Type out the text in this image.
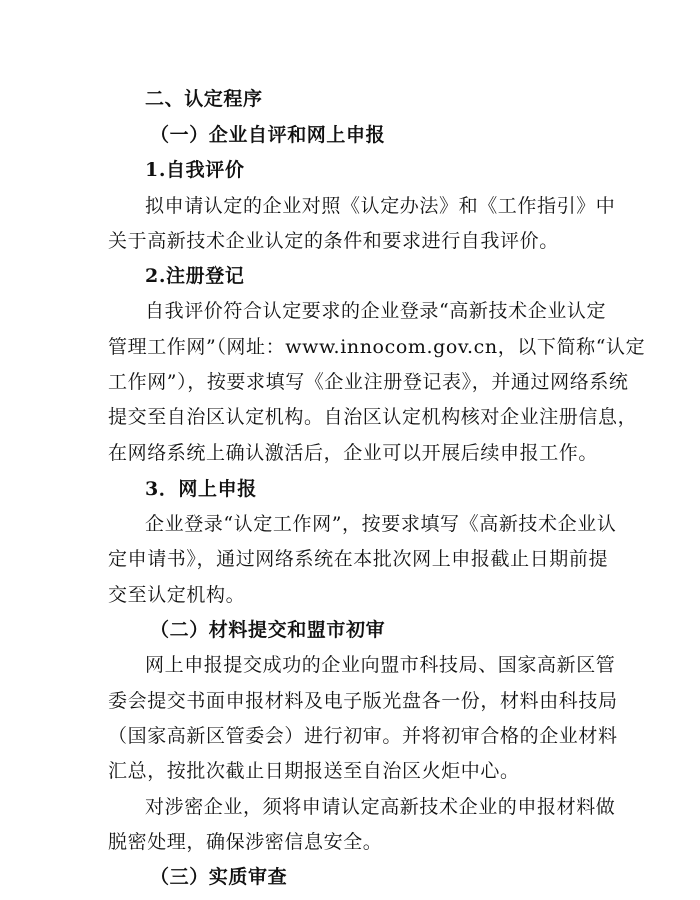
二、认定程序
（一）企业自评和网上申报
1.自我评价
拟申请认定的企业对照《认定办法》和《工作指引》中
关于高新技术企业认定的条件和要求进行自我评价。
2.注册登记
自我评价符合认定要求的企业登录“高新技术企业认定
管理工作网”（网址：www.innocom.gov.cn，以下简称“认定
工作网”），按要求填写《企业注册登记表》，并通过网络系统
提交至自治区认定机构。自治区认定机构核对企业注册信息，
在网络系统上确认激活后，企业可以开展后续申报工作。
3．网上申报
企业登录“认定工作网”，按要求填写《高新技术企业认
定申请书》，通过网络系统在本批次网上申报截止日期前提
交至认定机构。
（二）材料提交和盟市初审
网上申报提交成功的企业向盟市科技局、国家高新区管
委会提交书面申报材料及电子版光盘各一份，材料由科技局
（国家高新区管委会）进行初审。并将初审合格的企业材料
汇总，按批次截止日期报送至自治区火炬中心。
对涉密企业，须将申请认定高新技术企业的申报材料做
脱密处理，确保涉密信息安全。
（三）实质审查
